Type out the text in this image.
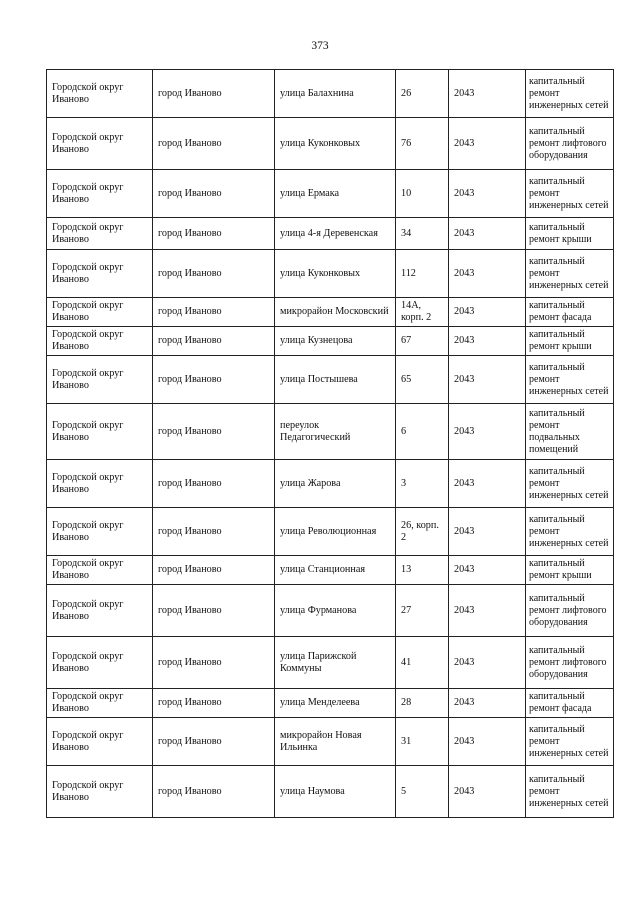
373
Городской округ Иваново	город Иваново	улица Балахнина	26	2043	капитальный ремонт инженерных сетей
Городской округ Иваново	город Иваново	улица Куконковых	76	2043	капитальный ремонт лифтового оборудования
Городской округ Иваново	город Иваново	улица Ермака	10	2043	капитальный ремонт инженерных сетей
Городской округ Иваново	город Иваново	улица 4-я Деревенская	34	2043	капитальный ремонт крыши
Городской округ Иваново	город Иваново	улица Куконковых	112	2043	капитальный ремонт инженерных сетей
Городской округ Иваново	город Иваново	микрорайон Московский	14А, корп. 2	2043	капитальный ремонт фасада
Городской округ Иваново	город Иваново	улица Кузнецова	67	2043	капитальный ремонт крыши
Городской округ Иваново	город Иваново	улица Постышева	65	2043	капитальный ремонт инженерных сетей
Городской округ Иваново	город Иваново	переулок Педагогический	6	2043	капитальный ремонт подвальных помещений
Городской округ Иваново	город Иваново	улица Жарова	3	2043	капитальный ремонт инженерных сетей
Городской округ Иваново	город Иваново	улица Революционная	26, корп. 2	2043	капитальный ремонт инженерных сетей
Городской округ Иваново	город Иваново	улица Станционная	13	2043	капитальный ремонт крыши
Городской округ Иваново	город Иваново	улица Фурманова	27	2043	капитальный ремонт лифтового оборудования
Городской округ Иваново	город Иваново	улица Парижской Коммуны	41	2043	капитальный ремонт лифтового оборудования
Городской округ Иваново	город Иваново	улица Менделеева	28	2043	капитальный ремонт фасада
Городской округ Иваново	город Иваново	микрорайон Новая Ильинка	31	2043	капитальный ремонт инженерных сетей
Городской округ Иваново	город Иваново	улица Наумова	5	2043	капитальный ремонт инженерных сетей
